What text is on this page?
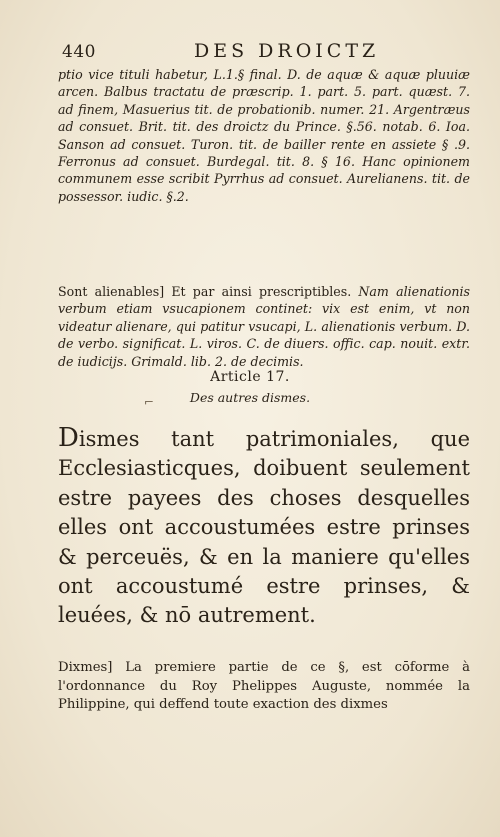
440	DES DROICTZ
ptio vice tituli habetur, L.1.§ final. D. de aquæ & aquæ pluuiæ arcen. Balbus tractatu de præscrip. 1. part. 5. part. quæst. 7. ad finem, Masuerius tit. de probationib. numer. 21. Argentræus ad consuet. Brit. tit. des droictz du Prince. §.56. notab. 6. Ioa. Sanson ad consuet. Turon. tit. de bailler rente en assiete § .9. Ferronus ad consuet. Burdegal. tit. 8. § 16. Hanc opinionem communem esse scribit Pyrrhus ad consuet. Aurelianens. tit. de possessor. iudic. §.2.
Sont alienables] Et par ainsi prescriptibles. Nam alienationis verbum etiam vsucapionem continet: vix est enim, vt non videatur alienare, qui patitur vsucapi, L. alienationis verbum. D. de verbo. significat. L. viros. C. de diuers. offic. cap. nouit. extr. de iudicijs. Grimald. lib. 2. de decimis.
Article 17.
Des autres dismes.
⌐
Dismes tant patrimoniales, que Ecclesiasticques, doibuent seulement estre payees des choses desquelles elles ont accoustumées estre prinses & perceuës, & en la maniere qu'elles ont accoustumé estre prinses, & leuées, & nō autrement.
Dixmes] La premiere partie de ce §, est cōforme à l'ordonnance du Roy Phelippes Auguste, nommée la Philippine, qui deffend toute exaction des dixmes
